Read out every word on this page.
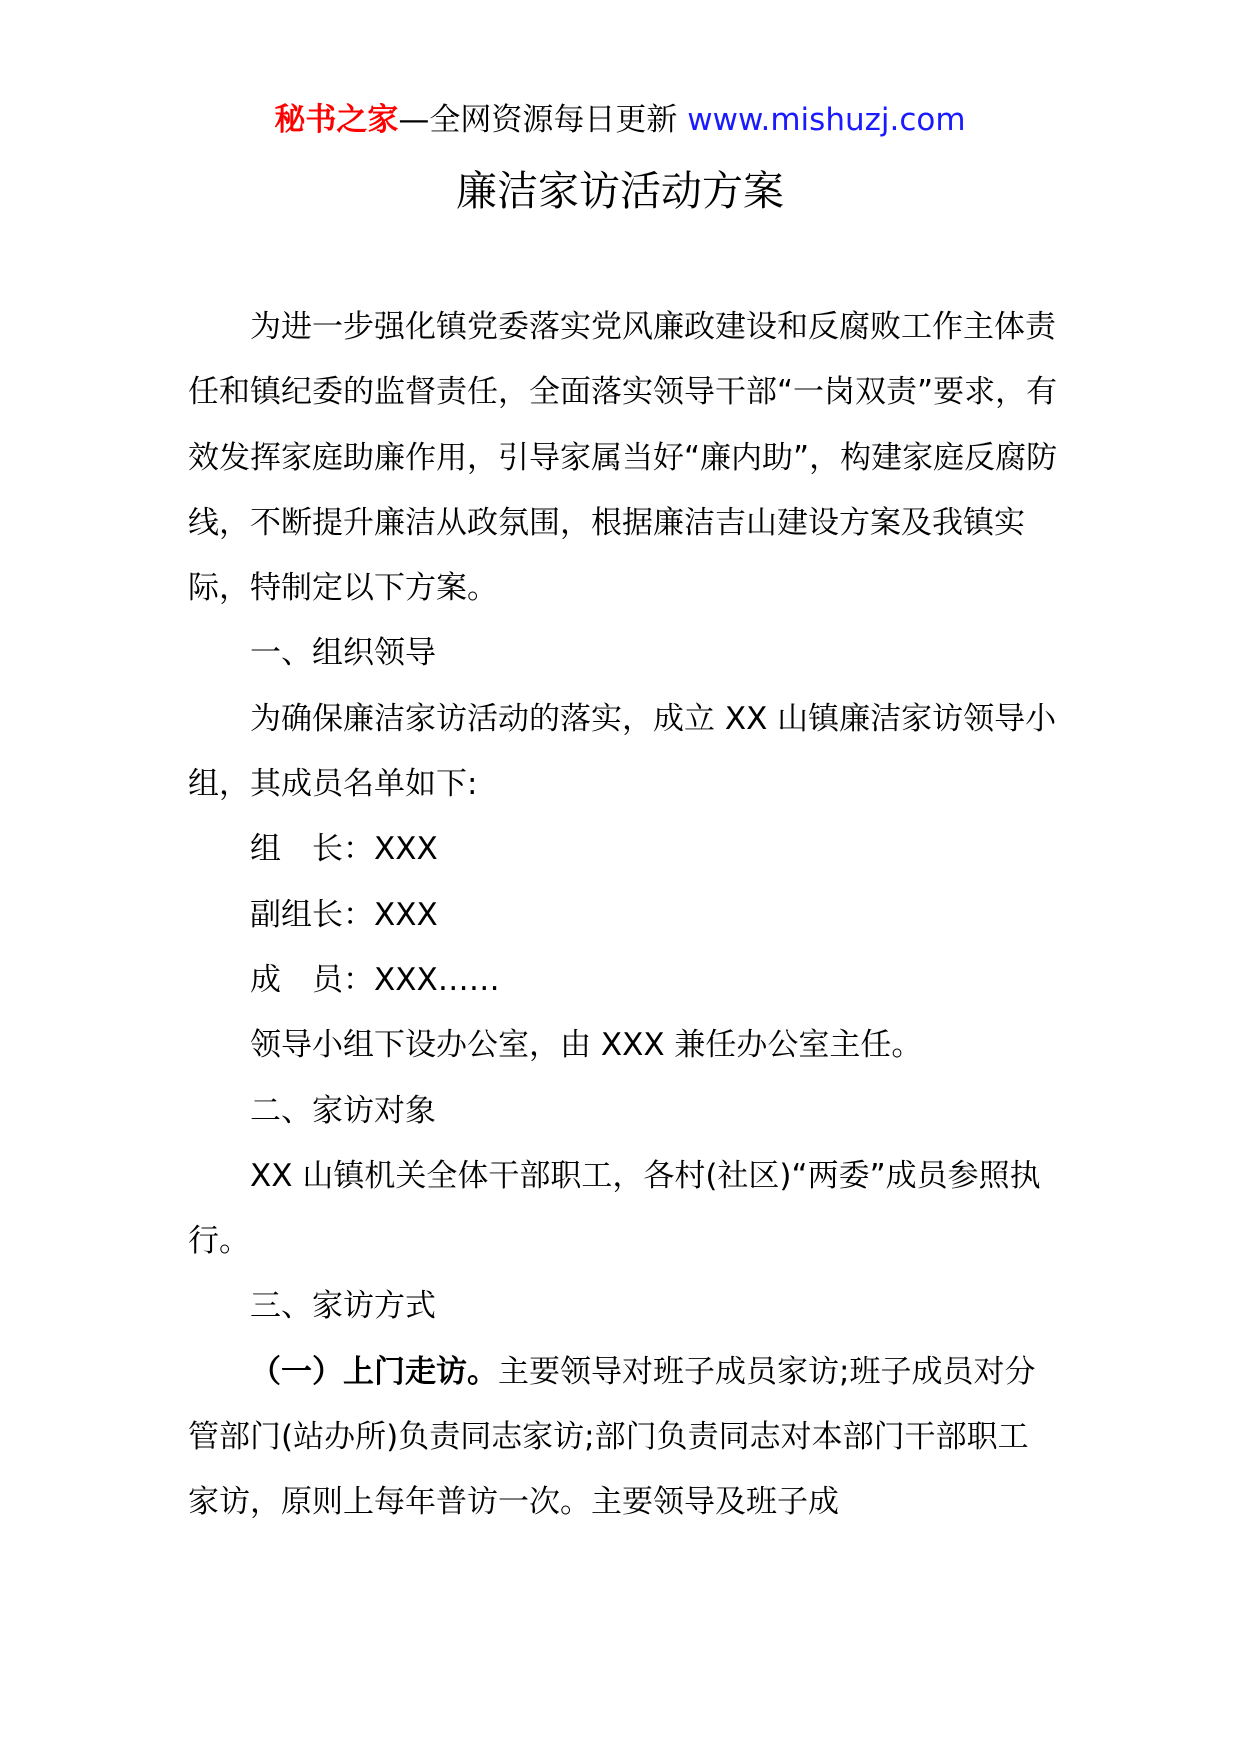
秘书之家—全网资源每日更新 www.mishuzj.com
廉洁家访活动方案

为进一步强化镇党委落实党风廉政建设和反腐败工作主体责任和镇纪委的监督责任，全面落实领导干部“一岗双责”要求，有效发挥家庭助廉作用，引导家属当好“廉内助”，构建家庭反腐防线，不断提升廉洁从政氛围，根据廉洁吉山建设方案及我镇实际，特制定以下方案。

一、组织领导

为确保廉洁家访活动的落实，成立 XX 山镇廉洁家访领导小组，其成员名单如下:

组　长：XXX
副组长：XXX
成　员：XXX……
领导小组下设办公室，由 XXX 兼任办公室主任。
二、家访对象

XX 山镇机关全体干部职工，各村(社区)“两委”成员参照执行。

三、家访方式

（一）上门走访。主要领导对班子成员家访;班子成员对分管部门(站办所)负责同志家访;部门负责同志对本部门干部职工家访，原则上每年普访一次。主要领导及班子成
